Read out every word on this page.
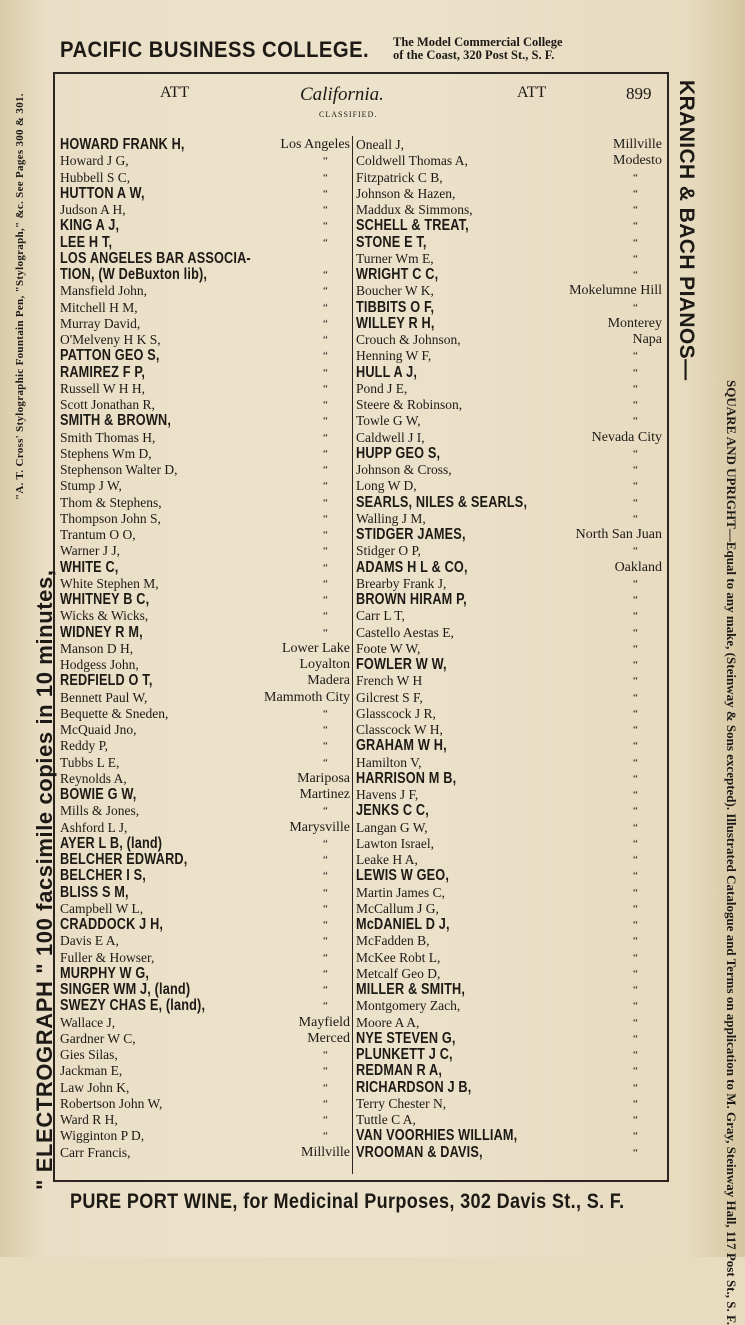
PACIFIC BUSINESS COLLEGE. The Model Commercial College
of the Coast, 320 Post St., S. F.
ATT	California.	ATT	899
CLASSIFIED.
HOWARD FRANK H,	Los Angeles
Howard J G,	“
Hubbell S C,	“
HUTTON A W,	“
Judson A H,	“
KING A J,	“
LEE H T,	“
LOS ANGELES BAR ASSOCIA-
TION, (W DeBuxton lib),	“
Mansfield John,	“
Mitchell H M,	“
Murray David,	“
O'Melveny H K S,	“
PATTON GEO S,	“
RAMIREZ F P,	“
Russell W H H,	“
Scott Jonathan R,	“
SMITH & BROWN,	“
Smith Thomas H,	“
Stephens Wm D,	“
Stephenson Walter D,	“
Stump J W,	“
Thom & Stephens,	“
Thompson John S,	“
Trantum O O,	“
Warner J J,	“
WHITE C,	“
White Stephen M,	“
WHITNEY B C,	“
Wicks & Wicks,	“
WIDNEY R M,	“
Manson D H,	Lower Lake
Hodgess John,	Loyalton
REDFIELD O T,	Madera
Bennett Paul W,	Mammoth City
Bequette & Sneden,	“
McQuaid Jno,	“
Reddy P,	“
Tubbs L E,	“
Reynolds A,	Mariposa
BOWIE G W,	Martinez
Mills & Jones,	“
Ashford L J,	Marysville
AYER L B, (land)	“
BELCHER EDWARD,	“
BELCHER I S,	“
BLISS S M,	“
Campbell W L,	“
CRADDOCK J H,	“
Davis E A,	“
Fuller & Howser,	“
MURPHY W G,	“
SINGER WM J, (land)	“
SWEZY CHAS E, (land),	“
Wallace J,	Mayfield
Gardner W C,	Merced
Gies Silas,	“
Jackman E,	“
Law John K,	“
Robertson John W,	“
Ward R H,	“
Wigginton P D,	“
Carr Francis,	Millville
Oneall J,	Millville
Coldwell Thomas A,	Modesto
Fitzpatrick C B,	“
Johnson & Hazen,	“
Maddux & Simmons,	“
SCHELL & TREAT,	“
STONE E T,	“
Turner Wm E,	“
WRIGHT C C,	“
Boucher W K,	Mokelumne Hill
TIBBITS O F,	“
WILLEY R H,	Monterey
Crouch & Johnson,	Napa
Henning W F,	“
HULL A J,	“
Pond J E,	“
Steere & Robinson,	“
Towle G W,	“
Caldwell J I,	Nevada City
HUPP GEO S,	“
Johnson & Cross,	“
Long W D,	“
SEARLS, NILES & SEARLS,	“
Walling J M,	“
STIDGER JAMES,	North San Juan
Stidger O P,	“
ADAMS H L & CO,	Oakland
Brearby Frank J,	“
BROWN HIRAM P,	“
Carr L T,	“
Castello Aestas E,	“
Foote W W,	“
FOWLER W W,	“
French W H	“
Gilcrest S F,	“
Glasscock J R,	“
Classcock W H,	“
GRAHAM W H,	“
Hamilton V,	“
HARRISON M B,	“
Havens J F,	“
JENKS C C,	“
Langan G W,	“
Lawton Israel,	“
Leake H A,	“
LEWIS W GEO,	“
Martin James C,	“
McCallum J G,	“
McDANIEL D J,	“
McFadden B,	“
McKee Robt L,	“
Metcalf Geo D,	“
MILLER & SMITH,	“
Montgomery Zach,	“
Moore A A,	“
NYE STEVEN G,	“
PLUNKETT J C,	“
REDMAN R A,	“
RICHARDSON J B,	“
Terry Chester N,	“
Tuttle C A,	“
VAN VOORHIES WILLIAM,	“
VROOMAN & DAVIS,	“
PURE PORT WINE, for Medicinal Purposes, 302 Davis St., S. F.
"A. T. Cross' Stylographic Fountain Pen, "Stylograph," &c. See Pages 300 & 301.
" ELECTROGRAPH " 100 facsimile copies in 10 minutes,
KRANICH & BACH PIANOS—
SQUARE AND UPRIGHT—Equal to any make, (Steinway & Sons excepted). Illustrated Catalogue and Terms on application to M. Gray, Steinway Hall, 117 Post St., S. F.
